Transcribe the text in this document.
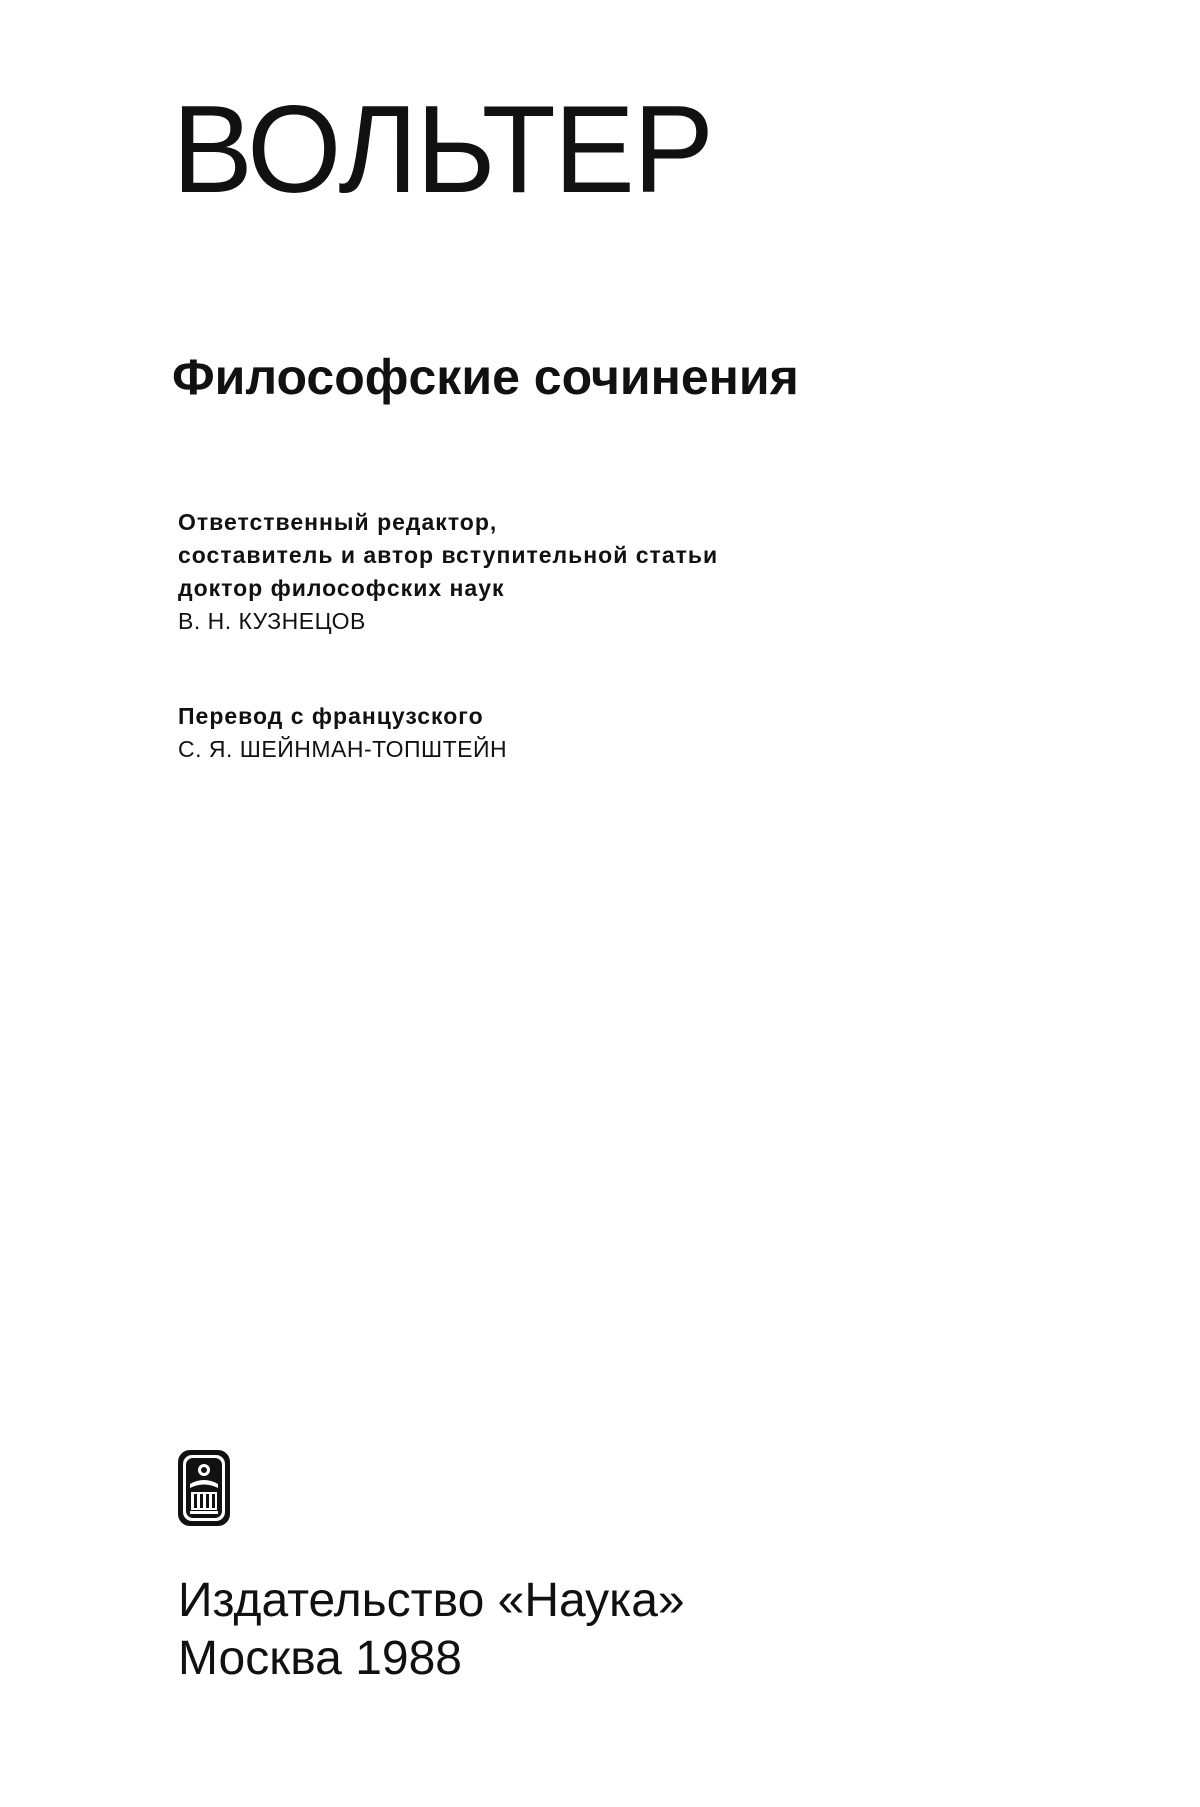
ВОЛЬТЕР
Философские сочинения
Ответственный редактор,
составитель и автор вступительной статьи
доктор философских наук
В. Н. КУЗНЕЦОВ
Перевод с французского
С. Я. ШЕЙНМАН-ТОПШТЕЙН
Издательство «Наука»
Москва 1988
